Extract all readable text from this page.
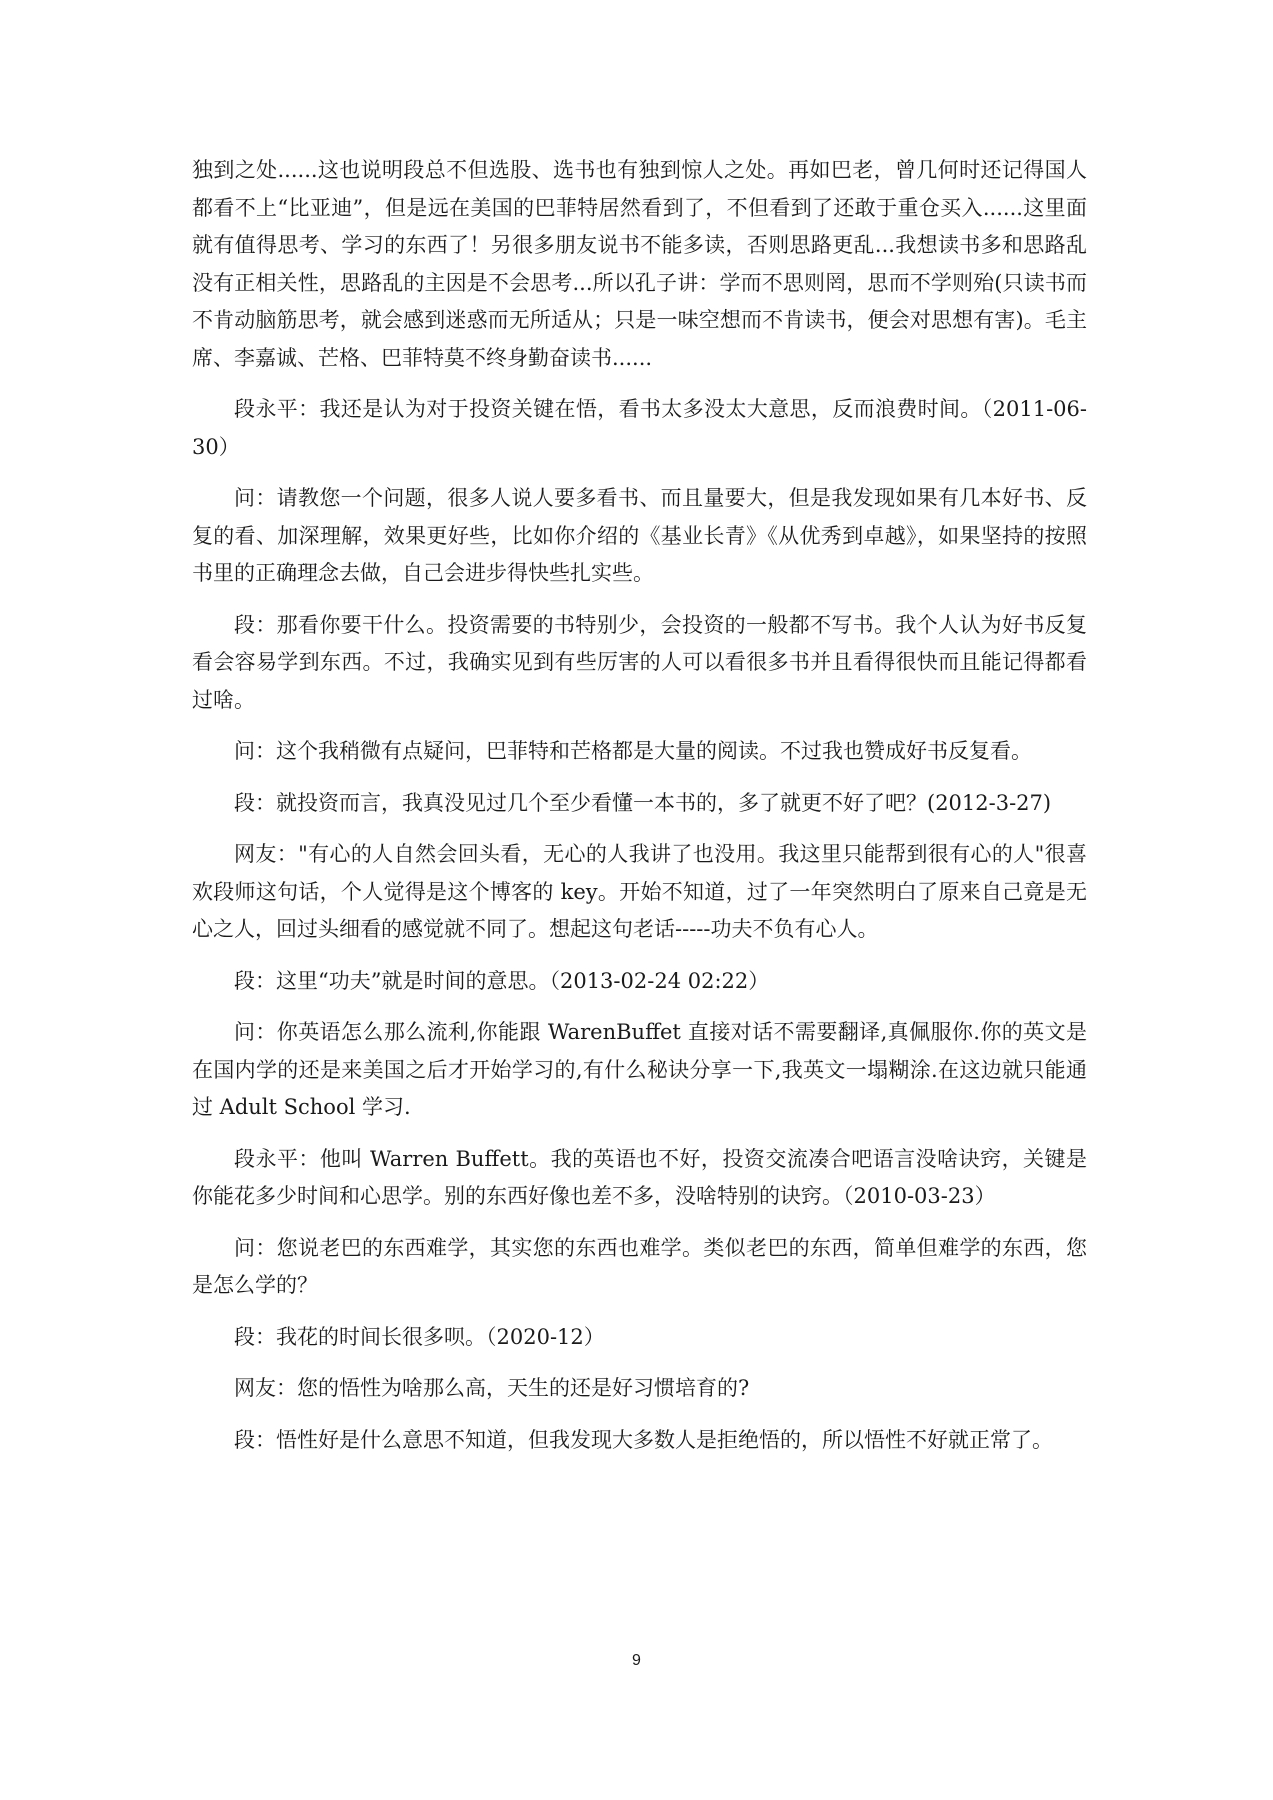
独到之处......这也说明段总不但选股、选书也有独到惊人之处。再如巴老，曾几何时还记得国人都看不上“比亚迪”，但是远在美国的巴菲特居然看到了，不但看到了还敢于重仓买入......这里面就有值得思考、学习的东西了！另很多朋友说书不能多读，否则思路更乱...我想读书多和思路乱没有正相关性，思路乱的主因是不会思考...所以孔子讲：学而不思则罔，思而不学则殆(只读书而不肯动脑筋思考，就会感到迷惑而无所适从；只是一味空想而不肯读书，便会对思想有害)。毛主席、李嘉诚、芒格、巴菲特莫不终身勤奋读书......

段永平：我还是认为对于投资关键在悟，看书太多没太大意思，反而浪费时间。（2011-06-30）

问：请教您一个问题，很多人说人要多看书、而且量要大，但是我发现如果有几本好书、反复的看、加深理解，效果更好些，比如你介绍的《基业长青》《从优秀到卓越》，如果坚持的按照书里的正确理念去做，自己会进步得快些扎实些。

段：那看你要干什么。投资需要的书特别少，会投资的一般都不写书。我个人认为好书反复看会容易学到东西。不过，我确实见到有些厉害的人可以看很多书并且看得很快而且能记得都看过啥。

问：这个我稍微有点疑问，巴菲特和芒格都是大量的阅读。不过我也赞成好书反复看。

段：就投资而言，我真没见过几个至少看懂一本书的，多了就更不好了吧？(2012-3-27)

网友："有心的人自然会回头看，无心的人我讲了也没用。我这里只能帮到很有心的人"很喜欢段师这句话，个人觉得是这个博客的 key。开始不知道，过了一年突然明白了原来自己竟是无心之人，回过头细看的感觉就不同了。想起这句老话-----功夫不负有心人。

段：这里“功夫”就是时间的意思。（2013-02-24 02:22）

问：你英语怎么那么流利,你能跟 WarenBuffet 直接对话不需要翻译,真佩服你.你的英文是在国内学的还是来美国之后才开始学习的,有什么秘诀分享一下,我英文一塌糊涂.在这边就只能通过 Adult School 学习.

段永平：他叫 Warren Buffett。我的英语也不好，投资交流凑合吧语言没啥诀窍，关键是你能花多少时间和心思学。别的东西好像也差不多，没啥特别的诀窍。（2010-03-23）

问：您说老巴的东西难学，其实您的东西也难学。类似老巴的东西，简单但难学的东西，您是怎么学的？

段：我花的时间长很多呗。（2020-12）

网友：您的悟性为啥那么高，天生的还是好习惯培育的?

段：悟性好是什么意思不知道，但我发现大多数人是拒绝悟的，所以悟性不好就正常了。

9
